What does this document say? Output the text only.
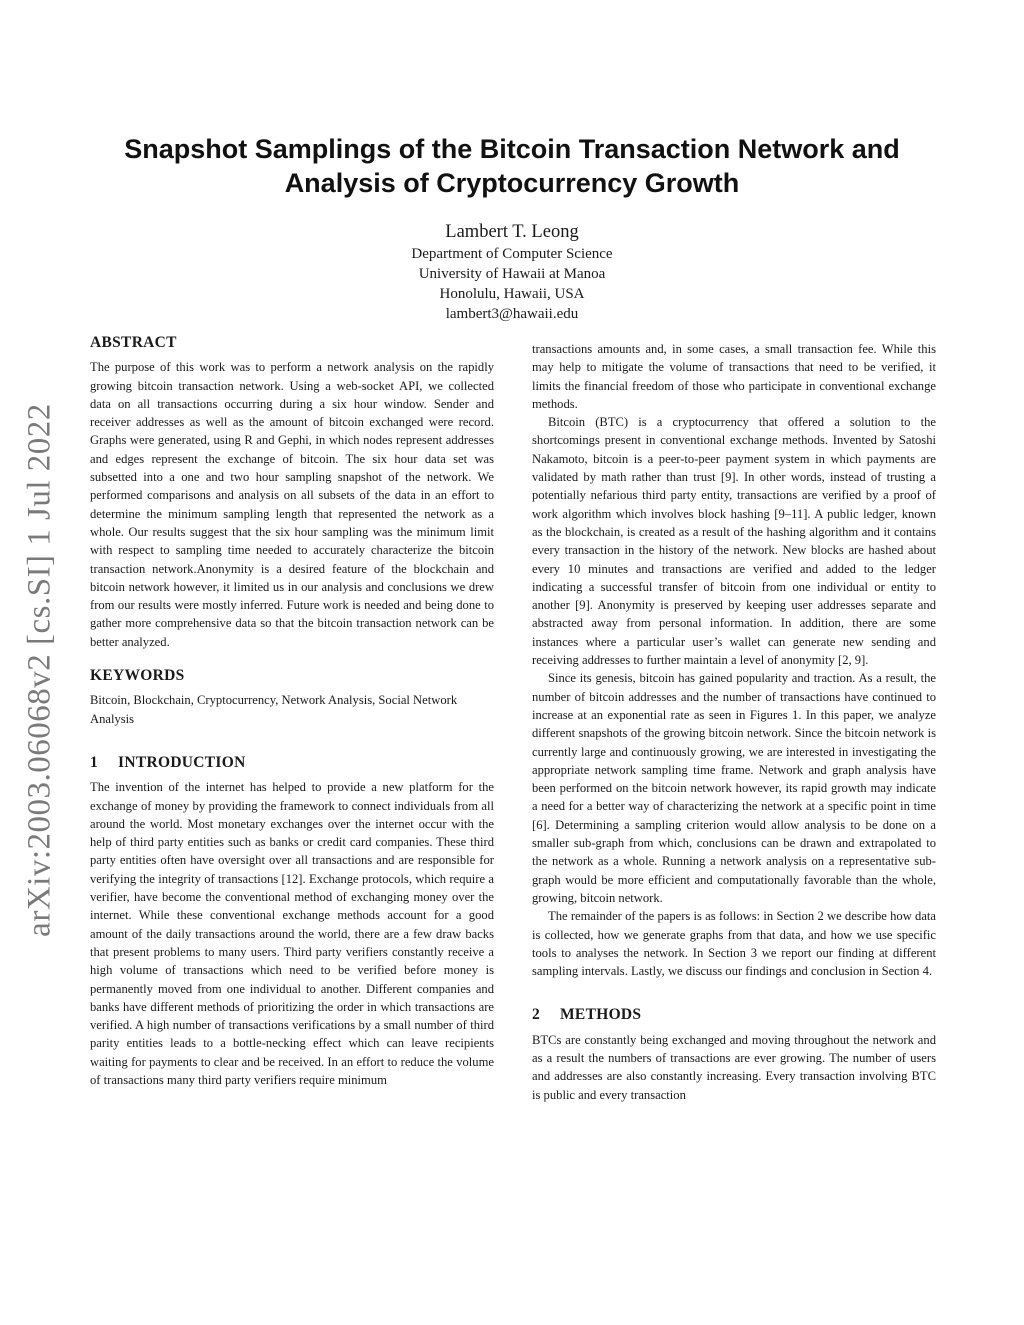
arXiv:2003.06068v2 [cs.SI] 1 Jul 2022
Snapshot Samplings of the Bitcoin Transaction Network and
Analysis of Cryptocurrency Growth
Lambert T. Leong
Department of Computer Science
University of Hawaii at Manoa
Honolulu, Hawaii, USA
lambert3@hawaii.edu
ABSTRACT

The purpose of this work was to perform a network analysis on the rapidly growing bitcoin transaction network. Using a web-socket API, we collected data on all transactions occurring during a six hour window. Sender and receiver addresses as well as the amount of bitcoin exchanged were record. Graphs were generated, using R and Gephi, in which nodes represent addresses and edges represent the exchange of bitcoin. The six hour data set was subsetted into a one and two hour sampling snapshot of the network. We performed comparisons and analysis on all subsets of the data in an effort to determine the minimum sampling length that represented the network as a whole. Our results suggest that the six hour sampling was the minimum limit with respect to sampling time needed to accurately characterize the bitcoin transaction network.Anonymity is a desired feature of the blockchain and bitcoin network however, it limited us in our analysis and conclusions we drew from our results were mostly inferred. Future work is needed and being done to gather more comprehensive data so that the bitcoin transaction network can be better analyzed.

KEYWORDS

Bitcoin, Blockchain, Cryptocurrency, Network Analysis, Social Network Analysis

1 INTRODUCTION

The invention of the internet has helped to provide a new platform for the exchange of money by providing the framework to connect individuals from all around the world. Most monetary exchanges over the internet occur with the help of third party entities such as banks or credit card companies. These third party entities often have oversight over all transactions and are responsible for verifying the integrity of transactions [12]. Exchange protocols, which require a verifier, have become the conventional method of exchanging money over the internet. While these conventional exchange methods account for a good amount of the daily transactions around the world, there are a few draw backs that present problems to many users. Third party verifiers constantly receive a high volume of transactions which need to be verified before money is permanently moved from one individual to another. Different companies and banks have different methods of prioritizing the order in which transactions are verified. A high number of transactions verifications by a small number of third parity entities leads to a bottle-necking effect which can leave recipients waiting for payments to clear and be received. In an effort to reduce the volume of transactions many third party verifiers require minimum

transactions amounts and, in some cases, a small transaction fee. While this may help to mitigate the volume of transactions that need to be verified, it limits the financial freedom of those who participate in conventional exchange methods.

Bitcoin (BTC) is a cryptocurrency that offered a solution to the shortcomings present in conventional exchange methods. Invented by Satoshi Nakamoto, bitcoin is a peer-to-peer payment system in which payments are validated by math rather than trust [9]. In other words, instead of trusting a potentially nefarious third party entity, transactions are verified by a proof of work algorithm which involves block hashing [9–11]. A public ledger, known as the blockchain, is created as a result of the hashing algorithm and it contains every transaction in the history of the network. New blocks are hashed about every 10 minutes and transactions are verified and added to the ledger indicating a successful transfer of bitcoin from one individual or entity to another [9]. Anonymity is preserved by keeping user addresses separate and abstracted away from personal information. In addition, there are some instances where a particular user’s wallet can generate new sending and receiving addresses to further maintain a level of anonymity [2, 9].

Since its genesis, bitcoin has gained popularity and traction. As a result, the number of bitcoin addresses and the number of transactions have continued to increase at an exponential rate as seen in Figures 1. In this paper, we analyze different snapshots of the growing bitcoin network. Since the bitcoin network is currently large and continuously growing, we are interested in investigating the appropriate network sampling time frame. Network and graph analysis have been performed on the bitcoin network however, its rapid growth may indicate a need for a better way of characterizing the network at a specific point in time [6]. Determining a sampling criterion would allow analysis to be done on a smaller sub-graph from which, conclusions can be drawn and extrapolated to the network as a whole. Running a network analysis on a representative sub-graph would be more efficient and computationally favorable than the whole, growing, bitcoin network.

The remainder of the papers is as follows: in Section 2 we describe how data is collected, how we generate graphs from that data, and how we use specific tools to analyses the network. In Section 3 we report our finding at different sampling intervals. Lastly, we discuss our findings and conclusion in Section 4.

2 METHODS

BTCs are constantly being exchanged and moving throughout the network and as a result the numbers of transactions are ever growing. The number of users and addresses are also constantly increasing. Every transaction involving BTC is public and every transaction
